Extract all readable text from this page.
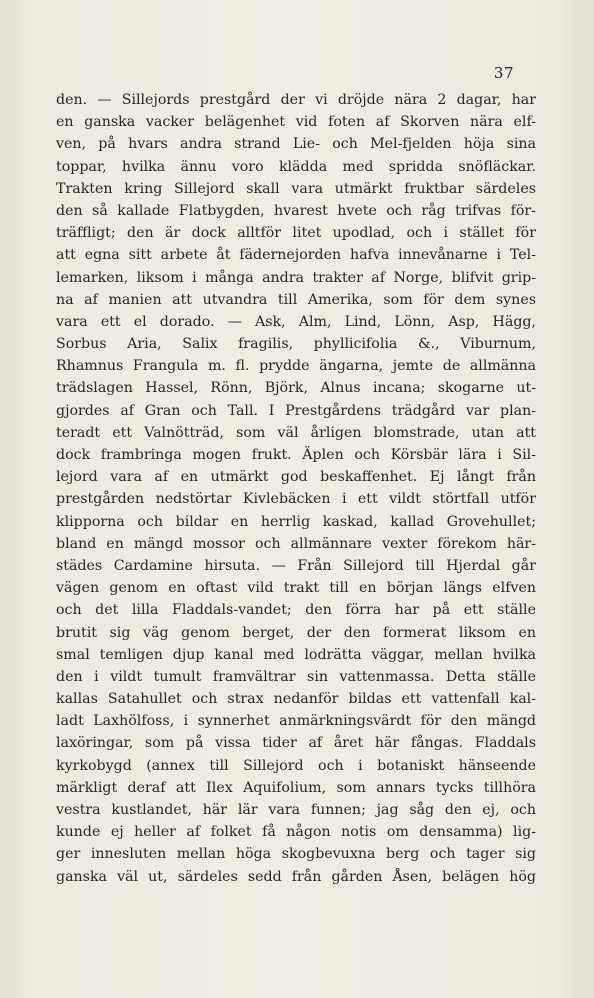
37
den. — Sillejords prestgård der vi dröjde nära 2 dagar, har
en ganska vacker belägenhet vid foten af Skorven nära elf-
ven, på hvars andra strand Lie- och Mel-fjelden höja sina
toppar, hvilka ännu voro klädda med spridda snöfläckar.
Trakten kring Sillejord skall vara utmärkt fruktbar särdeles
den så kallade Flatbygden, hvarest hvete och råg trifvas för-
träffligt; den är dock alltför litet upodlad, och i stället för
att egna sitt arbete åt fädernejorden hafva innevånarne i Tel-
lemarken, liksom i många andra trakter af Norge, blifvit grip-
na af manien att utvandra till Amerika, som för dem synes
vara ett el dorado. — Ask, Alm, Lind, Lönn, Asp, Hägg,
Sorbus Aria, Salix fragilis, phyllicifolia &., Viburnum,
Rhamnus Frangula m. fl. prydde ängarna, jemte de allmänna
trädslagen Hassel, Rönn, Björk, Alnus incana; skogarne ut-
gjordes af Gran och Tall. I Prestgårdens trädgård var plan-
teradt ett Valnötträd, som väl årligen blomstrade, utan att
dock frambringa mogen frukt. Äplen och Körsbär lära i Sil-
lejord vara af en utmärkt god beskaffenhet. Ej långt från
prestgården nedstörtar Kivlebäcken i ett vildt störtfall utför
klipporna och bildar en herrlig kaskad, kallad Grovehullet;
bland en mängd mossor och allmännare vexter förekom här-
städes Cardamine hirsuta. — Från Sillejord till Hjerdal går
vägen genom en oftast vild trakt till en början längs elfven
och det lilla Fladdals-vandet; den förra har på ett ställe
brutit sig väg genom berget, der den formerat liksom en
smal temligen djup kanal med lodrätta väggar, mellan hvilka
den i vildt tumult framvältrar sin vattenmassa. Detta ställe
kallas Satahullet och strax nedanför bildas ett vattenfall kal-
ladt Laxhölfoss, i synnerhet anmärkningsvärdt för den mängd
laxöringar, som på vissa tider af året här fångas. Fladdals
kyrkobygd (annex till Sillejord och i botaniskt hänseende
märkligt deraf att Ilex Aquifolium, som annars tycks tillhöra
vestra kustlandet, här lär vara funnen; jag såg den ej, och
kunde ej heller af folket få någon notis om densamma) lig-
ger innesluten mellan höga skogbevuxna berg och tager sig
ganska väl ut, särdeles sedd från gården Åsen, belägen hög
